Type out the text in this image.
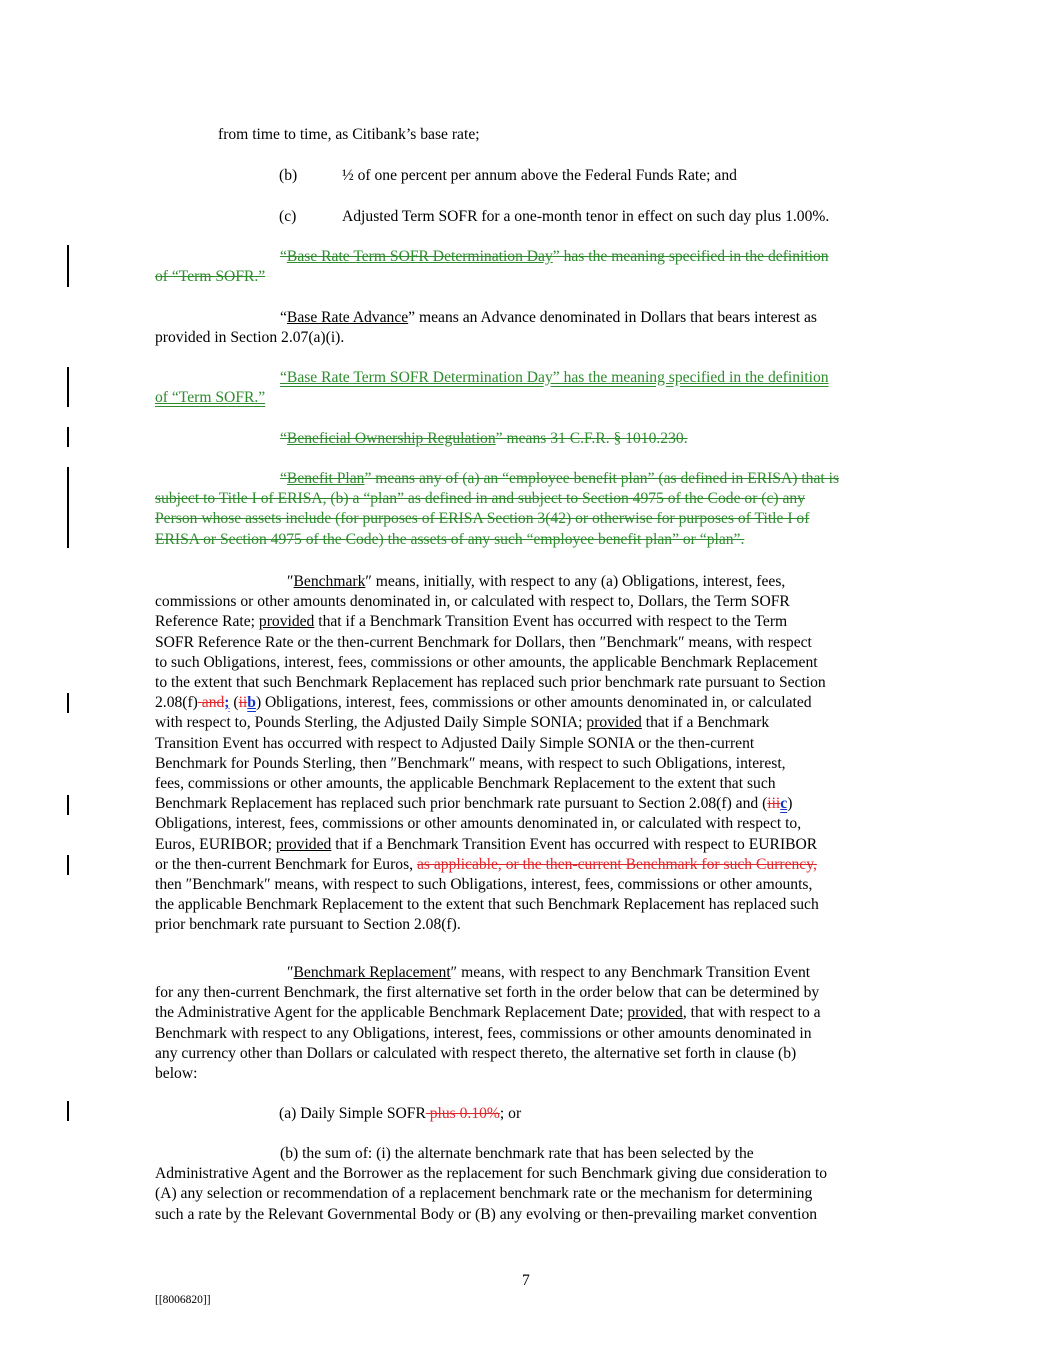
from time to time, as Citibank’s base rate;

(b)	½ of one percent per annum above the Federal Funds Rate; and

(c)	Adjusted Term SOFR for a one-month tenor in effect on such day plus 1.00%.

“Base Rate Term SOFR Determination Day” has the meaning specified in the definition
of “Term SOFR.”
“Base Rate Advance” means an Advance denominated in Dollars that bears interest as
provided in Section 2.07(a)(i).
“Base Rate Term SOFR Determination Day” has the meaning specified in the definition
of “Term SOFR.”
“Beneficial Ownership Regulation” means 31 C.F.R. § 1010.230.
“Benefit Plan” means any of (a) an “employee benefit plan” (as defined in ERISA) that is
subject to Title I of ERISA, (b) a “plan” as defined in and subject to Section 4975 of the Code or (c) any
Person whose assets include (for purposes of ERISA Section 3(42) or otherwise for purposes of Title I of
ERISA or Section 4975 of the Code) the assets of any such “employee benefit plan” or “plan”.
″Benchmark″ means, initially, with respect to any (a) Obligations, interest, fees,
commissions or other amounts denominated in, or calculated with respect to, Dollars, the Term SOFR
Reference Rate; provided that if a Benchmark Transition Event has occurred with respect to the Term
SOFR Reference Rate or the then-current Benchmark for Dollars, then ″Benchmark″ means, with respect
to such Obligations, interest, fees, commissions or other amounts, the applicable Benchmark Replacement
to the extent that such Benchmark Replacement has replaced such prior benchmark rate pursuant to Section
2.08(f) and; (iib) Obligations, interest, fees, commissions or other amounts denominated in, or calculated
with respect to, Pounds Sterling, the Adjusted Daily Simple SONIA; provided that if a Benchmark
Transition Event has occurred with respect to Adjusted Daily Simple SONIA or the then-current
Benchmark for Pounds Sterling, then ″Benchmark″ means, with respect to such Obligations, interest,
fees, commissions or other amounts, the applicable Benchmark Replacement to the extent that such
Benchmark Replacement has replaced such prior benchmark rate pursuant to Section 2.08(f) and (iiic)
Obligations, interest, fees, commissions or other amounts denominated in, or calculated with respect to,
Euros, EURIBOR; provided that if a Benchmark Transition Event has occurred with respect to EURIBOR
or the then-current Benchmark for Euros, as applicable, or the then-current Benchmark for such Currency,
then ″Benchmark″ means, with respect to such Obligations, interest, fees, commissions or other amounts,
the applicable Benchmark Replacement to the extent that such Benchmark Replacement has replaced such
prior benchmark rate pursuant to Section 2.08(f).
″Benchmark Replacement″ means, with respect to any Benchmark Transition Event
for any then-current Benchmark, the first alternative set forth in the order below that can be determined by
the Administrative Agent for the applicable Benchmark Replacement Date; provided, that with respect to a
Benchmark with respect to any Obligations, interest, fees, commissions or other amounts denominated in
any currency other than Dollars or calculated with respect thereto, the alternative set forth in clause (b)
below:

(a) Daily Simple SOFR plus 0.10%; or

(b) the sum of: (i) the alternate benchmark rate that has been selected by the
Administrative Agent and the Borrower as the replacement for such Benchmark giving due consideration to
(A) any selection or recommendation of a replacement benchmark rate or the mechanism for determining
such a rate by the Relevant Governmental Body or (B) any evolving or then-prevailing market convention
7
[[8006820]]
